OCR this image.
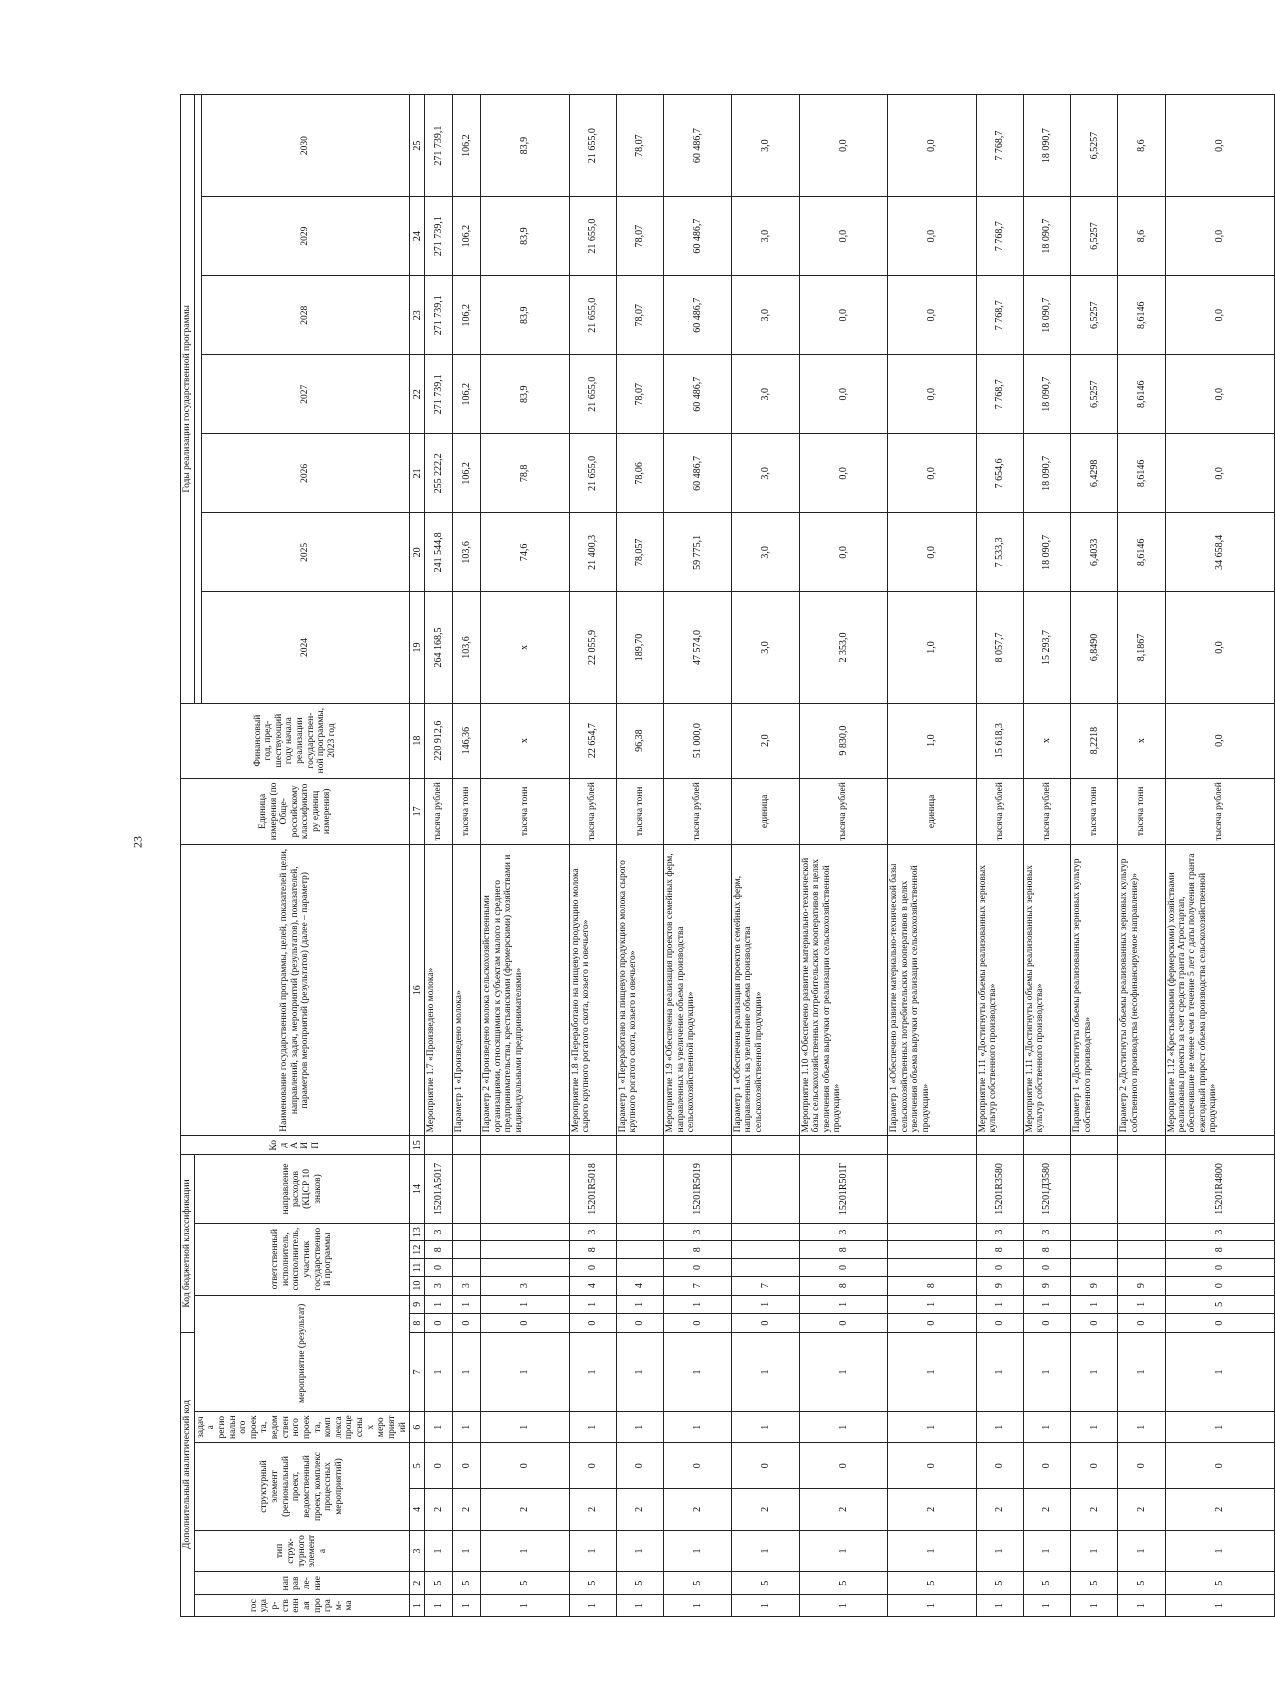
23
Дополнительный аналитический код							Код бюджетной классификации							Код АИП	Наименование государственной программы, целей, показателей цели, направлений, задач, мероприятий (результатов), показателей, параметров мероприятий (результатов) (далее – параметр)	Единица измерения (по Обще-российскому классификатору единиц измерения)	Финансовый год, пред-шествующий году начала реализации государствен-ной программы, 2023 год	Годы реализации государственной программы						
государ-ственная програм-ма	направле-ние	тип струк-турного элемента	структурный элемент (региональный проект, ведомственный проект, комплекс процессных мероприятий)		задача регионального проекта, ведомственного проекта, комплекса процессных мероприятий	мероприятие (результат)			ответственный исполнитель, соисполнитель, участник государственной программы				направление расходов (КЦСР 10 знаков)											
																		2024	2025	2026	2027	2028	2029	2030
1	2	3	4	5	6	7	8	9	10	11	12	13	14	15	16	17	18	19	20	21	22	23	24	25
1	5	1	2	0	1	1	0	1	3	0	8	3	15201А5017		Мероприятие 1.7 «Произведено молока»	тысяча рублей	220 912,6	264 168,5	241 544,8	255 222,2	271 739,1	271 739,1	271 739,1	271 739,1
1	5	1	2	0	1	1	0	1	3						Параметр 1 «Произведено молока»	тысяча тонн	146,36	103,6	103,6	106,2	106,2	106,2	106,2	106,2
1	5	1	2	0	1	1	0	1	3						Параметр 2 «Произведено молока сельскохозяйственными организациями, относящимися к субъектам малого и среднего предпринимательства, крестьянскими (фермерскими) хозяйствами и индивидуальными предпринимателями»	тысяча тонн	х	х	74,6	78,8	83,9	83,9	83,9	83,9
1	5	1	2	0	1	1	0	1	4	0	8	3	15201R5018		Мероприятие 1.8 «Переработано на пищевую продукцию молока сырого крупного рогатого скота, козьего и овечьего»	тысяча рублей	22 654,7	22 055,9	21 400,3	21 655,0	21 655,0	21 655,0	21 655,0	21 655,0
1	5	1	2	0	1	1	0	1	4						Параметр 1 «Переработано на пищевую продукцию молока сырого крупного рогатого скота, козьего и овечьего»	тысяча тонн	96,38	189,70	78,057	78,06	78,07	78,07	78,07	78,07
1	5	1	2	0	1	1	0	1	7	0	8	3	15201R5019		Мероприятие 1.9 «Обеспечена реализация проектов семейных ферм, направленных на увеличение объема производства сельскохозяйственной продукции»	тысяча рублей	51 000,0	47 574,0	59 775,1	60 486,7	60 486,7	60 486,7	60 486,7	60 486,7
1	5	1	2	0	1	1	0	1	7						Параметр 1 «Обеспечена реализация проектов семейных ферм, направленных на увеличение объема производства сельскохозяйственной продукции»	единица	2,0	3,0	3,0	3,0	3,0	3,0	3,0	3,0
1	5	1	2	0	1	1	0	1	8	0	8	3	15201R501Г		Мероприятие 1.10 «Обеспечено развитие материально-технической базы сельскохозяйственных потребительских кооперативов в целях увеличения объема выручки от реализации сельскохозяйственной продукции»	тысяча рублей	9 830,0	2 353,0	0,0	0,0	0,0	0,0	0,0	0,0
1	5	1	2	0	1	1	0	1	8						Параметр 1 «Обеспечено развитие материально-технической базы сельскохозяйственных потребительских кооперативов в целях увеличения объема выручки от реализации сельскохозяйственной продукции»	единица	1,0	1,0	0,0	0,0	0,0	0,0	0,0	0,0
1	5	1	2	0	1	1	0	1	9	0	8	3	15201R3580		Мероприятие 1.11 «Достигнуты объемы реализованных зерновых культур собственного производства»	тысяча рублей	15 618,3	8 057,7	7 533,3	7 654,6	7 768,7	7 768,7	7 768,7	7 768,7
1	5	1	2	0	1	1	0	1	9	0	8	3	15201Д3580		Мероприятие 1.11 «Достигнуты объемы реализованных зерновых культур собственного производства»	тысяча рублей	х	15 293,7	18 090,7	18 090,7	18 090,7	18 090,7	18 090,7	18 090,7
1	5	1	2	0	1	1	0	1	9						Параметр 1 «Достигнуты объемы реализованных зерновых культур собственного производства»	тысяча тонн	8,2218	6,8490	6,4033	6,4298	6,5257	6,5257	6,5257	6,5257
1	5	1	2	0	1	1	0	1	9						Параметр 2 «Достигнуты объемы реализованных зерновых культур собственного производства (несофинансируемое направление)»	тысяча тонн	х	8,1867	8,6146	8,6146	8,6146	8,6146	8,6	8,6
1	5	1	2	0	1	1	0	5	0	0	8	3	15201R4800		Мероприятие 1.12 «Крестьянскими (фермерскими) хозяйствами реализованы проекты за счет средств гранта Агростартап, обеспечившие не менее чем в течение 5 лет с даты получения гранта ежегодный прирост объема производства сельскохозяйственной продукции»	тысяча рублей	0,0	0,0	34 658,4	0,0	0,0	0,0	0,0	0,0
